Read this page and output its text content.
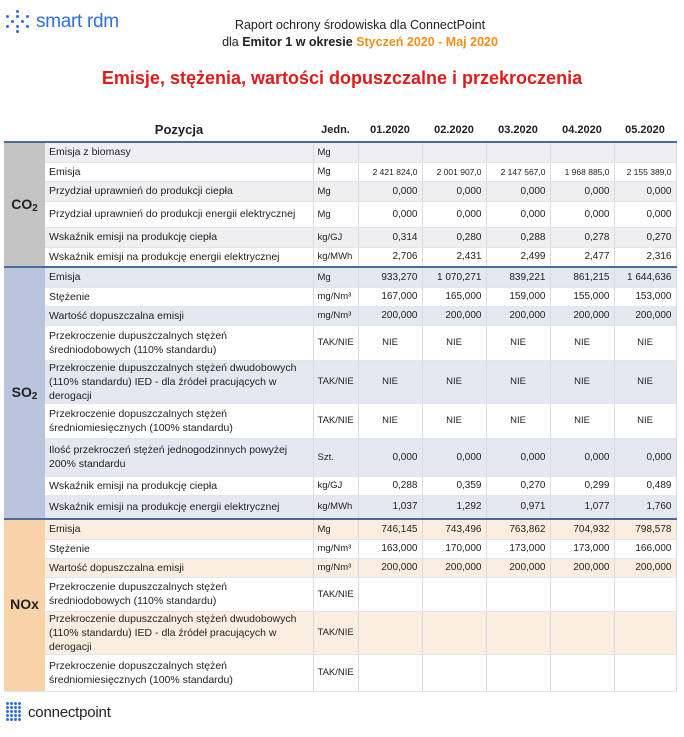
smart rdm	Raport ochrony środowiska dla ConnectPoint
dla Emitor 1 w okresie Styczeń 2020 - Maj 2020
Emisje, stężenia, wartości dopuszczalne i przekroczenia
	Pozycja	Jedn.	01.2020	02.2020	03.2020	04.2020	05.2020
$CO_2$	Emisja z biomasy	Mg					
	Emisja	Mg	2 421 824,0	2 001 907,0	2 147 567,0	1 968 885,0	2 155 389,0
	Przydział uprawnień do produkcji ciepła	Mg	0,000	0,000	0,000	0,000	0,000
	Przydział uprawnień do produkcji energii elektrycznej	Mg	0,000	0,000	0,000	0,000	0,000
	Wskaźnik emisji na produkcję ciepła	kg/GJ	0,314	0,280	0,288	0,278	0,270
	Wskaźnik emisji na produkcję energii elektrycznej	kg/MWh	2,706	2,431	2,499	2,477	2,316
$SO_2$	Emisja	Mg	933,270	1 070,271	839,221	861,215	1 644,636
	Stężenie	mg/Nm³	167,000	165,000	159,000	155,000	153,000
	Wartość dopuszczalna emisji	mg/Nm³	200,000	200,000	200,000	200,000	200,000
	Przekroczenie dupuszczalnych stężeń średniodobowych (110% standardu)	TAK/NIE	NIE	NIE	NIE	NIE	NIE
	Przekroczenie dupuszczalnych stężeń dwudobowych (110% standardu) IED - dla źródeł pracujących w derogacji	TAK/NIE	NIE	NIE	NIE	NIE	NIE
	Przekroczenie dopuszczalnych stężeń średniomiesięcznych (100% standardu)	TAK/NIE	NIE	NIE	NIE	NIE	NIE
	Ilość przekroczeń stężeń jednogodzinnych powyżej 200% standardu	Szt.	0,000	0,000	0,000	0,000	0,000
	Wskaźnik emisji na produkcję ciepła	kg/GJ	0,288	0,359	0,270	0,299	0,489
	Wskaźnik emisji na produkcję energii elektrycznej	kg/MWh	1,037	1,292	0,971	1,077	1,760
NOx	Emisja	Mg	746,145	743,496	763,862	704,932	798,578
	Stężenie	mg/Nm³	163,000	170,000	173,000	173,000	166,000
	Wartość dopuszczalna emisji	mg/Nm³	200,000	200,000	200,000	200,000	200,000
	Przekroczenie dupuszczalnych stężeń średniodobowych (110% standardu)	TAK/NIE					
	Przekroczenie dupuszczalnych stężeń dwudobowych (110% standardu) IED - dla źródeł pracujących w derogacji	TAK/NIE					
	Przekroczenie dopuszczalnych stężeń średniomiesięcznych (100% standardu)	TAK/NIE					
connectpoint
